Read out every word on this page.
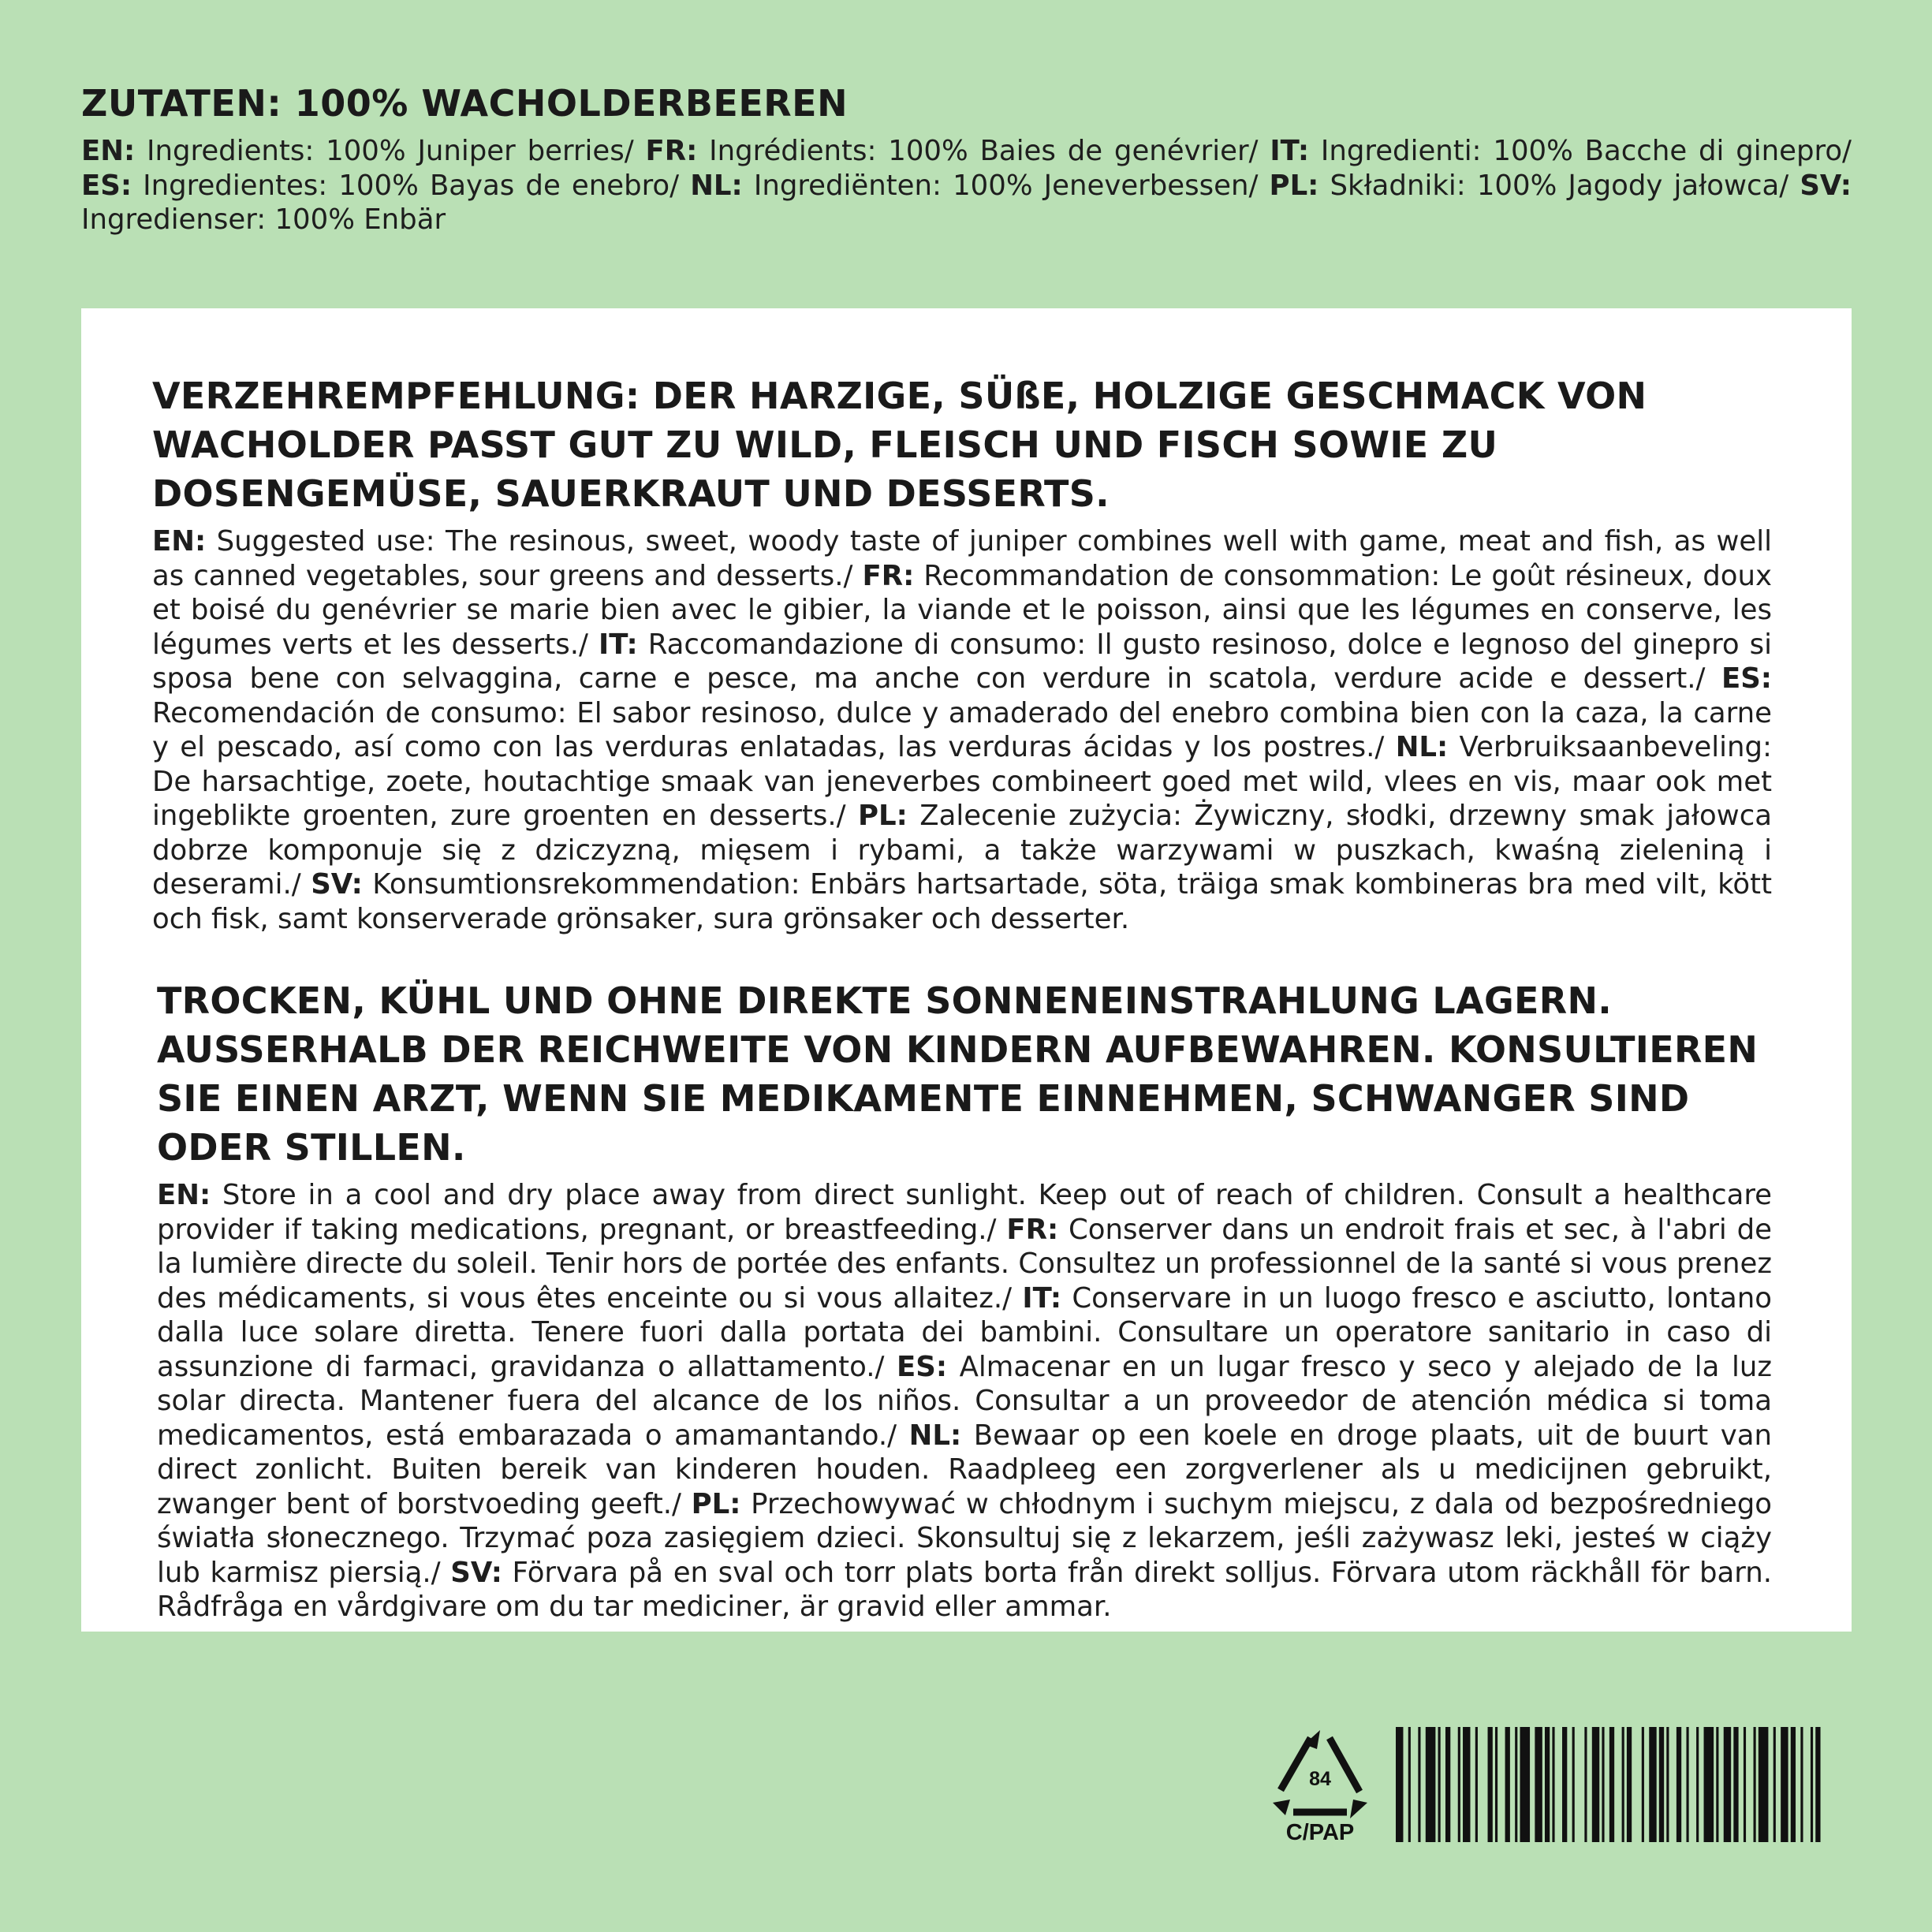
ZUTATEN: 100% WACHOLDERBEEREN

EN: Ingredients: 100% Juniper berries/ FR: Ingrédients: 100% Baies de genévrier/ IT: Ingredienti: 100% Bacche di ginepro/ ES: Ingredientes: 100% Bayas de enebro/ NL: Ingrediënten: 100% Jeneverbessen/ PL: Składniki: 100% Jagody jałowca/ SV: Ingredienser: 100% Enbär

VERZEHREMPFEHLUNG: DER HARZIGE, SÜßE, HOLZIGE GESCHMACK VON WACHOLDER PASST GUT ZU WILD, FLEISCH UND FISCH SOWIE ZU DOSENGEMÜSE, SAUERKRAUT UND DESSERTS.

EN: Suggested use: The resinous, sweet, woody taste of juniper combines well with game, meat and fish, as well as canned vegetables, sour greens and desserts./ FR: Recommandation de consommation: Le goût résineux, doux et boisé du genévrier se marie bien avec le gibier, la viande et le poisson, ainsi que les légumes en conserve, les légumes verts et les desserts./ IT: Raccomandazione di consumo: Il gusto resinoso, dolce e legnoso del ginepro si sposa bene con selvaggina, carne e pesce, ma anche con verdure in scatola, verdure acide e dessert./ ES: Recomendación de consumo: El sabor resinoso, dulce y amaderado del enebro combina bien con la caza, la carne y el pescado, así como con las verduras enlatadas, las verduras ácidas y los postres./ NL: Verbruiksaanbeveling: De harsachtige, zoete, houtachtige smaak van jeneverbes combineert goed met wild, vlees en vis, maar ook met ingeblikte groenten, zure groenten en desserts./ PL: Zalecenie zużycia: Żywiczny, słodki, drzewny smak jałowca dobrze komponuje się z dziczyzną, mięsem i rybami, a także warzywami w puszkach, kwaśną zieleniną i deserami./ SV: Konsumtionsrekommendation: Enbärs hartsartade, söta, träiga smak kombineras bra med vilt, kött och fisk, samt konserverade grönsaker, sura grönsaker och desserter.

TROCKEN, KÜHL UND OHNE DIREKTE SONNENEINSTRAHLUNG LAGERN. AUSSERHALB DER REICHWEITE VON KINDERN AUFBEWAHREN. KONSULTIEREN SIE EINEN ARZT, WENN SIE MEDIKAMENTE EINNEHMEN, SCHWANGER SIND ODER STILLEN.

EN: Store in a cool and dry place away from direct sunlight. Keep out of reach of children. Consult a healthcare provider if taking medications, pregnant, or breastfeeding./ FR: Conserver dans un endroit frais et sec, à l'abri de la lumière directe du soleil. Tenir hors de portée des enfants. Consultez un professionnel de la santé si vous prenez des médicaments, si vous êtes enceinte ou si vous allaitez./ IT: Conservare in un luogo fresco e asciutto, lontano dalla luce solare diretta. Tenere fuori dalla portata dei bambini. Consultare un operatore sanitario in caso di assunzione di farmaci, gravidanza o allattamento./ ES: Almacenar en un lugar fresco y seco y alejado de la luz solar directa. Mantener fuera del alcance de los niños. Consultar a un proveedor de atención médica si toma medicamentos, está embarazada o amamantando./ NL: Bewaar op een koele en droge plaats, uit de buurt van direct zonlicht. Buiten bereik van kinderen houden. Raadpleeg een zorgverlener als u medicijnen gebruikt, zwanger bent of borstvoeding geeft./ PL: Przechowywać w chłodnym i suchym miejscu, z dala od bezpośredniego światła słonecznego. Trzymać poza zasięgiem dzieci. Skonsultuj się z lekarzem, jeśli zażywasz leki, jesteś w ciąży lub karmisz piersią./ SV: Förvara på en sval och torr plats borta från direkt solljus. Förvara utom räckhåll för barn. Rådfråga en vårdgivare om du tar mediciner, är gravid eller ammar.

84
C/PAP
